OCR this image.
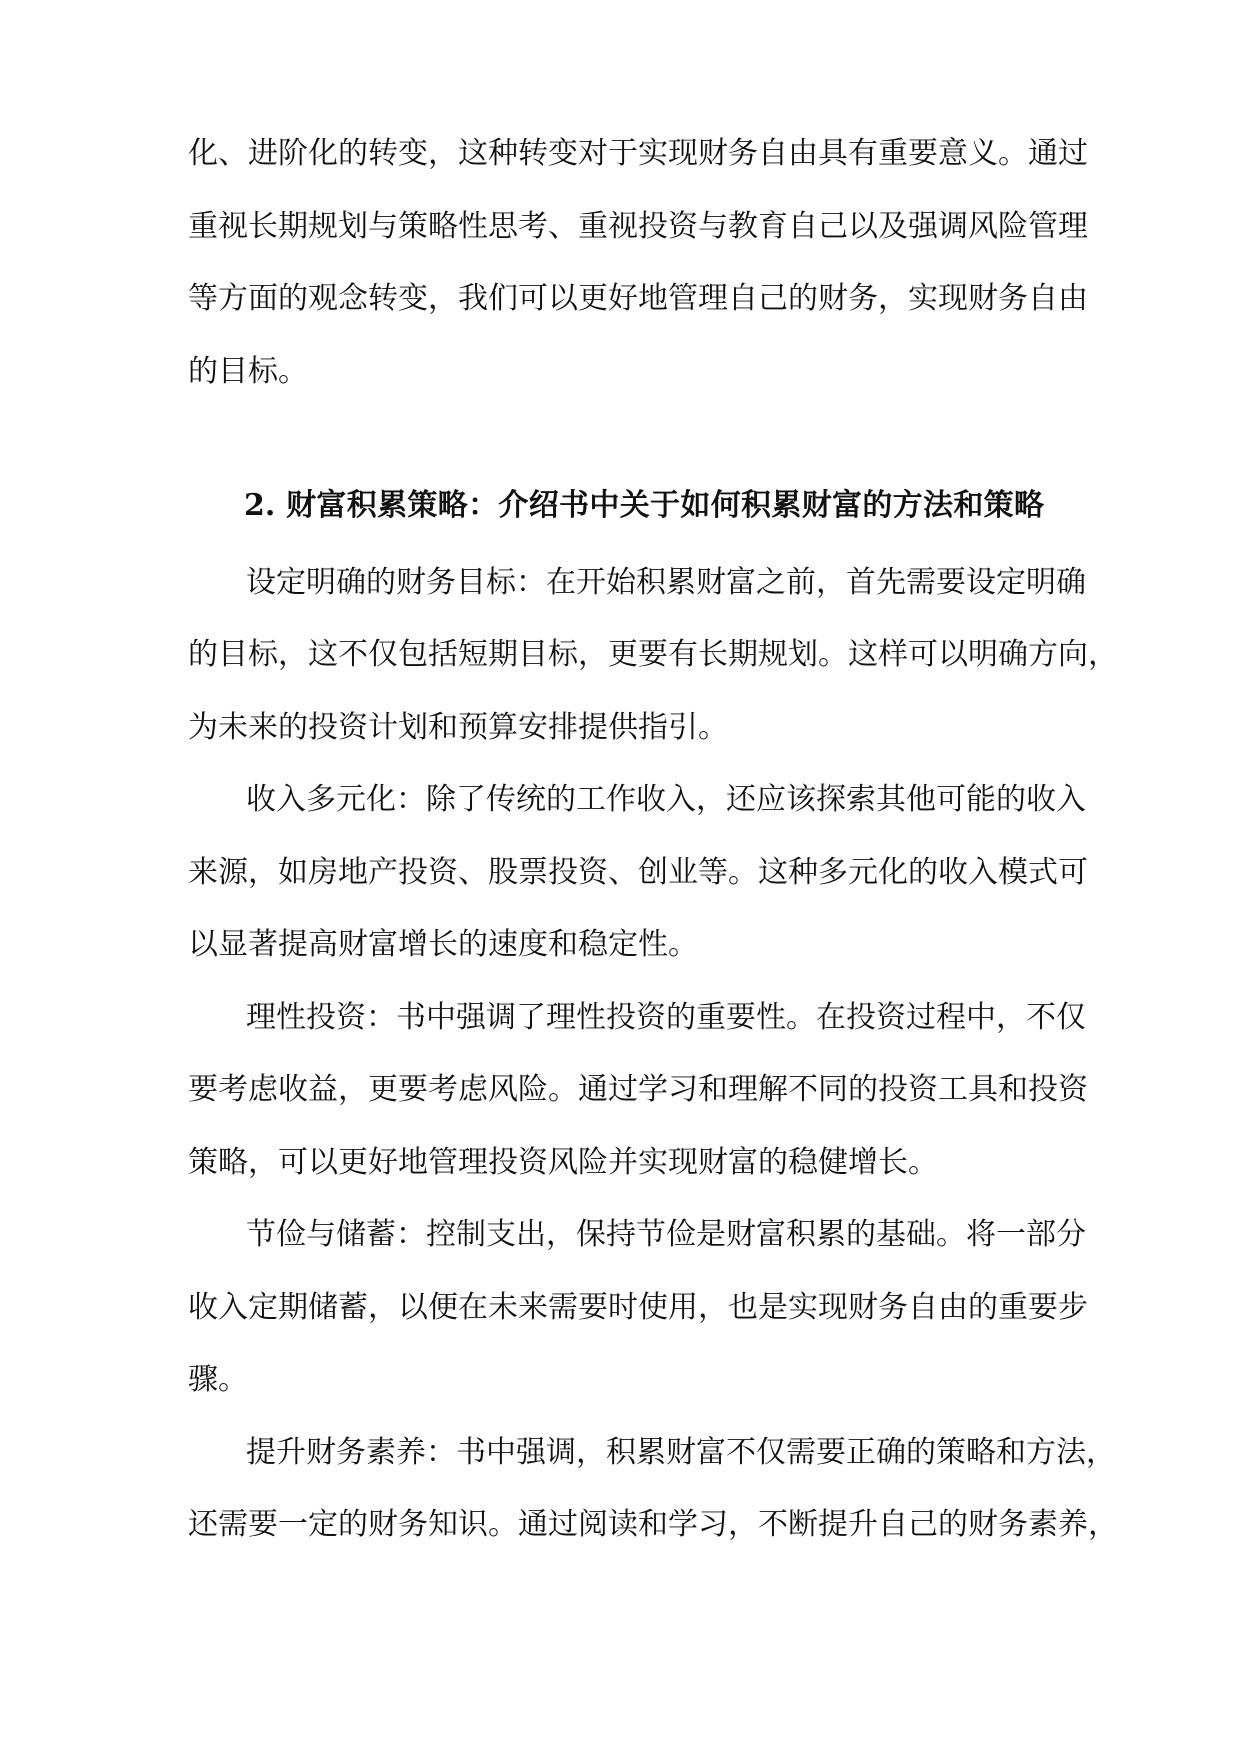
化、进阶化的转变，这种转变对于实现财务自由具有重要意义。通过
重视长期规划与策略性思考、重视投资与教育自己以及强调风险管理
等方面的观念转变，我们可以更好地管理自己的财务，实现财务自由
的目标。
2. 财富积累策略：介绍书中关于如何积累财富的方法和策略
设定明确的财务目标：在开始积累财富之前，首先需要设定明确
的目标，这不仅包括短期目标，更要有长期规划。这样可以明确方向，
为未来的投资计划和预算安排提供指引。
收入多元化：除了传统的工作收入，还应该探索其他可能的收入
来源，如房地产投资、股票投资、创业等。这种多元化的收入模式可
以显著提高财富增长的速度和稳定性。
理性投资：书中强调了理性投资的重要性。在投资过程中，不仅
要考虑收益，更要考虑风险。通过学习和理解不同的投资工具和投资
策略，可以更好地管理投资风险并实现财富的稳健增长。
节俭与储蓄：控制支出，保持节俭是财富积累的基础。将一部分
收入定期储蓄，以便在未来需要时使用，也是实现财务自由的重要步
骤。
提升财务素养：书中强调，积累财富不仅需要正确的策略和方法，
还需要一定的财务知识。通过阅读和学习，不断提升自己的财务素养，
